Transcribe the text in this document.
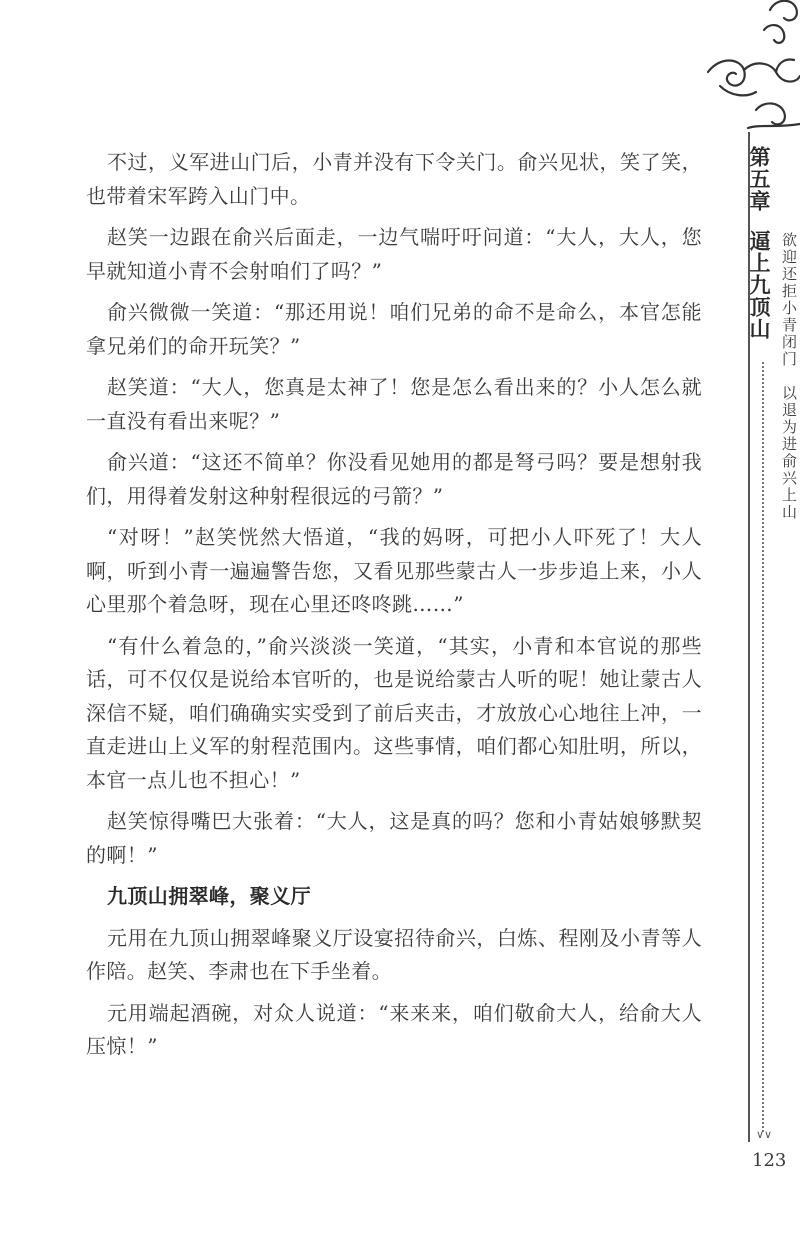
不过，义军进山门后，小青并没有下令关门。俞兴见状，笑了笑，也带着宋军跨入山门中。

赵笑一边跟在俞兴后面走，一边气喘吁吁问道：“大人，大人，您早就知道小青不会射咱们了吗？”

俞兴微微一笑道：“那还用说！咱们兄弟的命不是命么，本官怎能拿兄弟们的命开玩笑？”

赵笑道：“大人，您真是太神了！您是怎么看出来的？小人怎么就一直没有看出来呢？”

俞兴道：“这还不简单？你没看见她用的都是弩弓吗？要是想射我们，用得着发射这种射程很远的弓箭？”

“对呀！”赵笑恍然大悟道，“我的妈呀，可把小人吓死了！大人啊，听到小青一遍遍警告您，又看见那些蒙古人一步步追上来，小人心里那个着急呀，现在心里还咚咚跳……”

“有什么着急的，”俞兴淡淡一笑道，“其实，小青和本官说的那些话，可不仅仅是说给本官听的，也是说给蒙古人听的呢！她让蒙古人深信不疑，咱们确确实实受到了前后夹击，才放放心心地往上冲，一直走进山上义军的射程范围内。这些事情，咱们都心知肚明，所以，本官一点儿也不担心！”

赵笑惊得嘴巴大张着：“大人，这是真的吗？您和小青姑娘够默契的啊！”

九顶山拥翠峰，聚义厅

元用在九顶山拥翠峰聚义厅设宴招待俞兴，白炼、程刚及小青等人作陪。赵笑、李肃也在下手坐着。

元用端起酒碗，对众人说道：“来来来，咱们敬俞大人，给俞大人压惊！”

第五章
逼上九顶山 欲迎还拒小青闭门　以退为进俞兴上山
∨∨
123
